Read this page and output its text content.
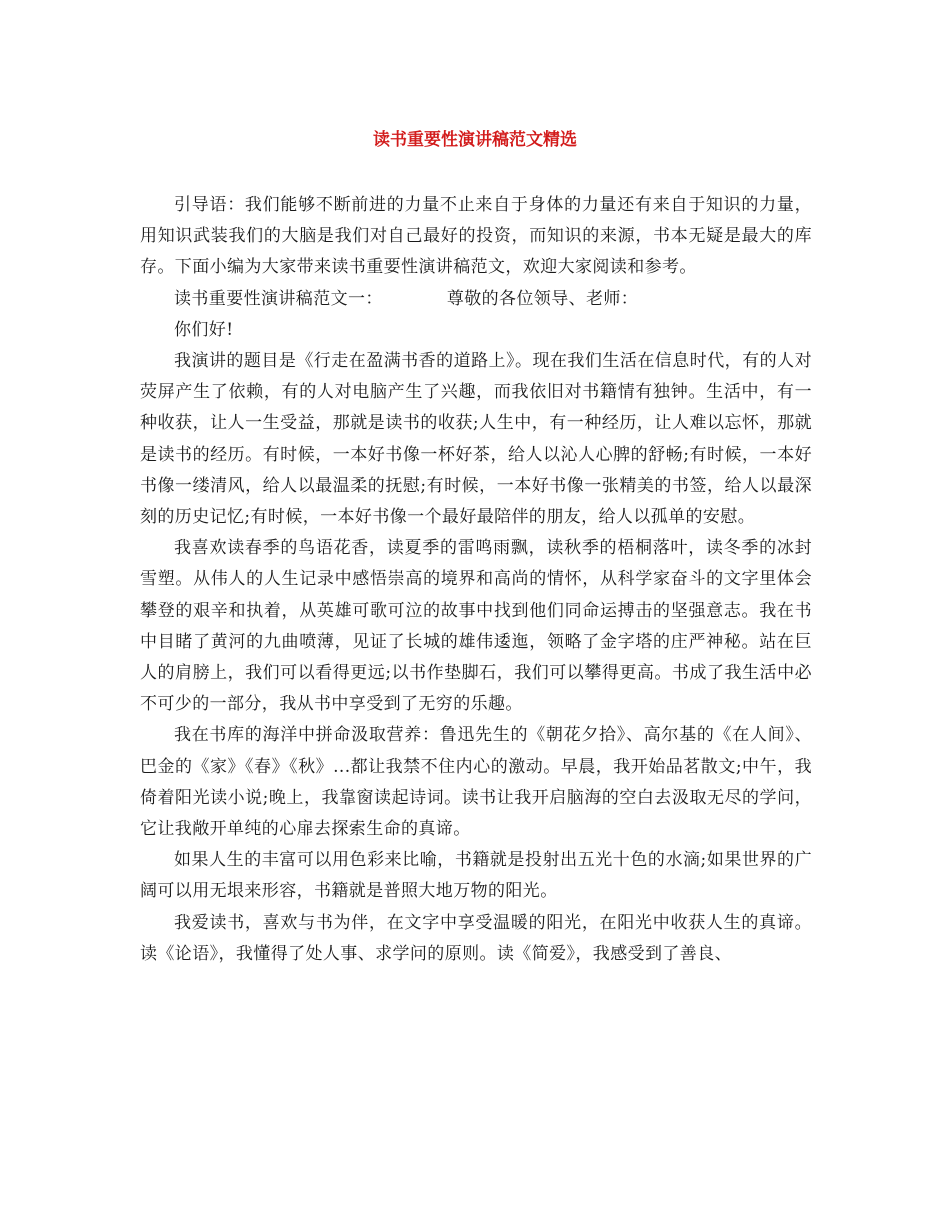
读书重要性演讲稿范文精选

引导语：我们能够不断前进的力量不止来自于身体的力量还有来自于知识的力量，用知识武装我们的大脑是我们对自己最好的投资，而知识的来源，书本无疑是最大的库存。下面小编为大家带来读书重要性演讲稿范文，欢迎大家阅读和参考。

读书重要性演讲稿范文一：	尊敬的各位领导、老师：

你们好!

我演讲的题目是《行走在盈满书香的道路上》。现在我们生活在信息时代，有的人对荧屏产生了依赖，有的人对电脑产生了兴趣，而我依旧对书籍情有独钟。生活中，有一种收获，让人一生受益，那就是读书的收获;人生中，有一种经历，让人难以忘怀，那就是读书的经历。有时候，一本好书像一杯好茶，给人以沁人心脾的舒畅;有时候，一本好书像一缕清风，给人以最温柔的抚慰;有时候，一本好书像一张精美的书签，给人以最深刻的历史记忆;有时候，一本好书像一个最好最陪伴的朋友，给人以孤单的安慰。

我喜欢读春季的鸟语花香，读夏季的雷鸣雨飘，读秋季的梧桐落叶，读冬季的冰封雪塑。从伟人的人生记录中感悟崇高的境界和高尚的情怀，从科学家奋斗的文字里体会攀登的艰辛和执着，从英雄可歌可泣的故事中找到他们同命运搏击的坚强意志。我在书中目睹了黄河的九曲喷薄，见证了长城的雄伟逶迤，领略了金字塔的庄严神秘。站在巨人的肩膀上，我们可以看得更远;以书作垫脚石，我们可以攀得更高。书成了我生活中必不可少的一部分，我从书中享受到了无穷的乐趣。

我在书库的海洋中拼命汲取营养：鲁迅先生的《朝花夕拾》、高尔基的《在人间》、巴金的《家》《春》《秋》...都让我禁不住内心的激动。早晨，我开始品茗散文;中午，我倚着阳光读小说;晚上，我靠窗读起诗词。读书让我开启脑海的空白去汲取无尽的学问，它让我敞开单纯的心扉去探索生命的真谛。

如果人生的丰富可以用色彩来比喻，书籍就是投射出五光十色的水滴;如果世界的广阔可以用无垠来形容，书籍就是普照大地万物的阳光。

我爱读书，喜欢与书为伴，在文字中享受温暖的阳光，在阳光中收获人生的真谛。读《论语》，我懂得了处人事、求学问的原则。读《简爱》，我感受到了善良、
